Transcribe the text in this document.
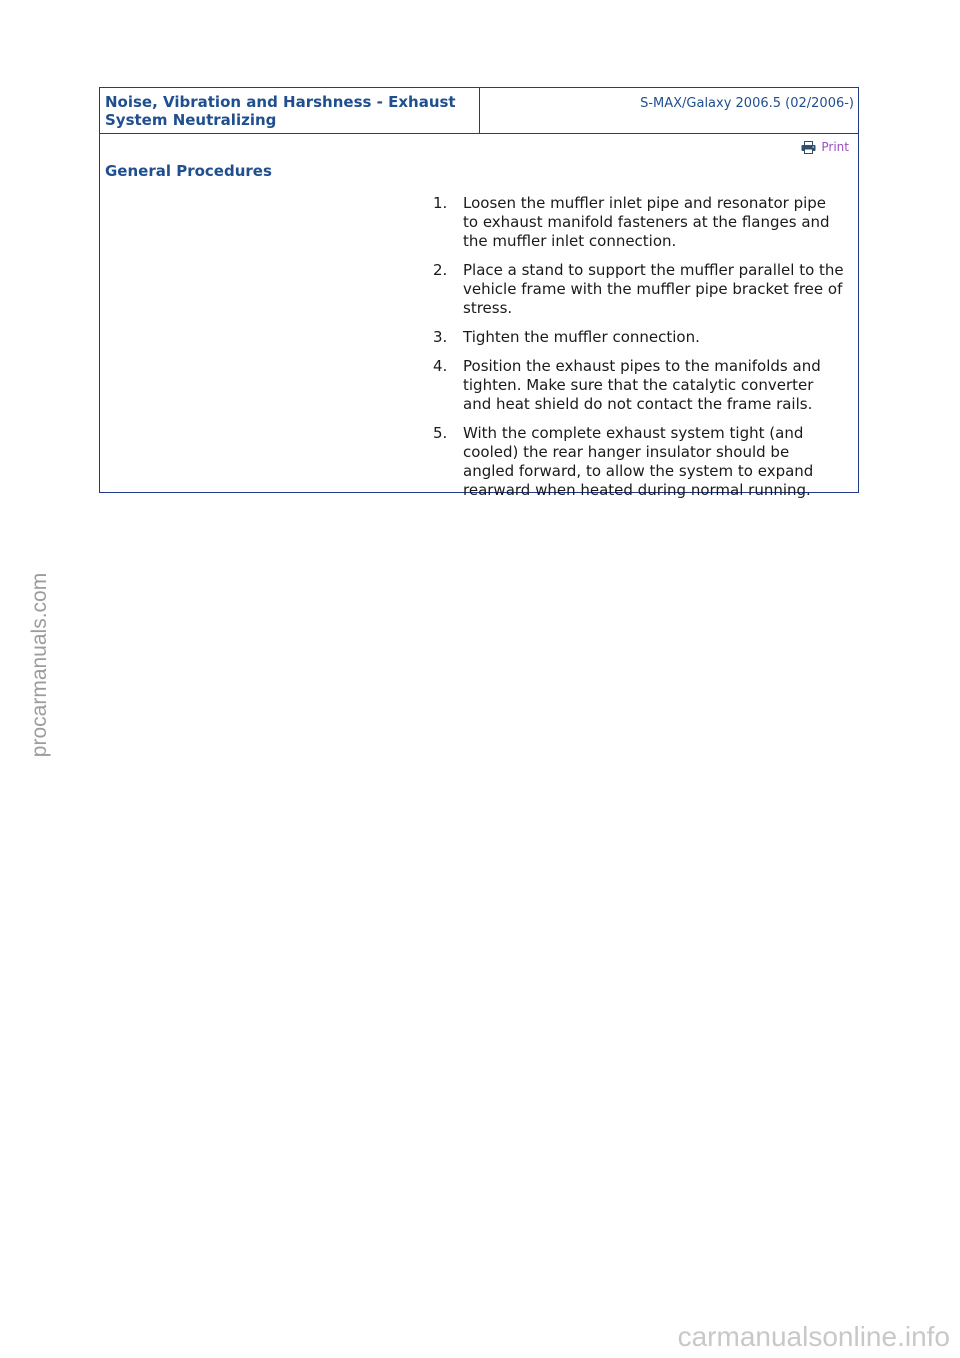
Noise, Vibration and Harshness - Exhaust
System Neutralizing
S-MAX/Galaxy 2006.5 (02/2006-)
Print
General Procedures
1.	Loosen the muffler inlet pipe and resonator pipe to exhaust manifold fasteners at the flanges and the muffler inlet connection.
2.	Place a stand to support the muffler parallel to the vehicle frame with the muffler pipe bracket free of stress.
3.	Tighten the muffler connection.
4.	Position the exhaust pipes to the manifolds and tighten. Make sure that the catalytic converter and heat shield do not contact the frame rails.
5.	With the complete exhaust system tight (and cooled) the rear hanger insulator should be angled forward, to allow the system to expand rearward when heated during normal running.
procarmanuals.com
carmanualsonline.info
